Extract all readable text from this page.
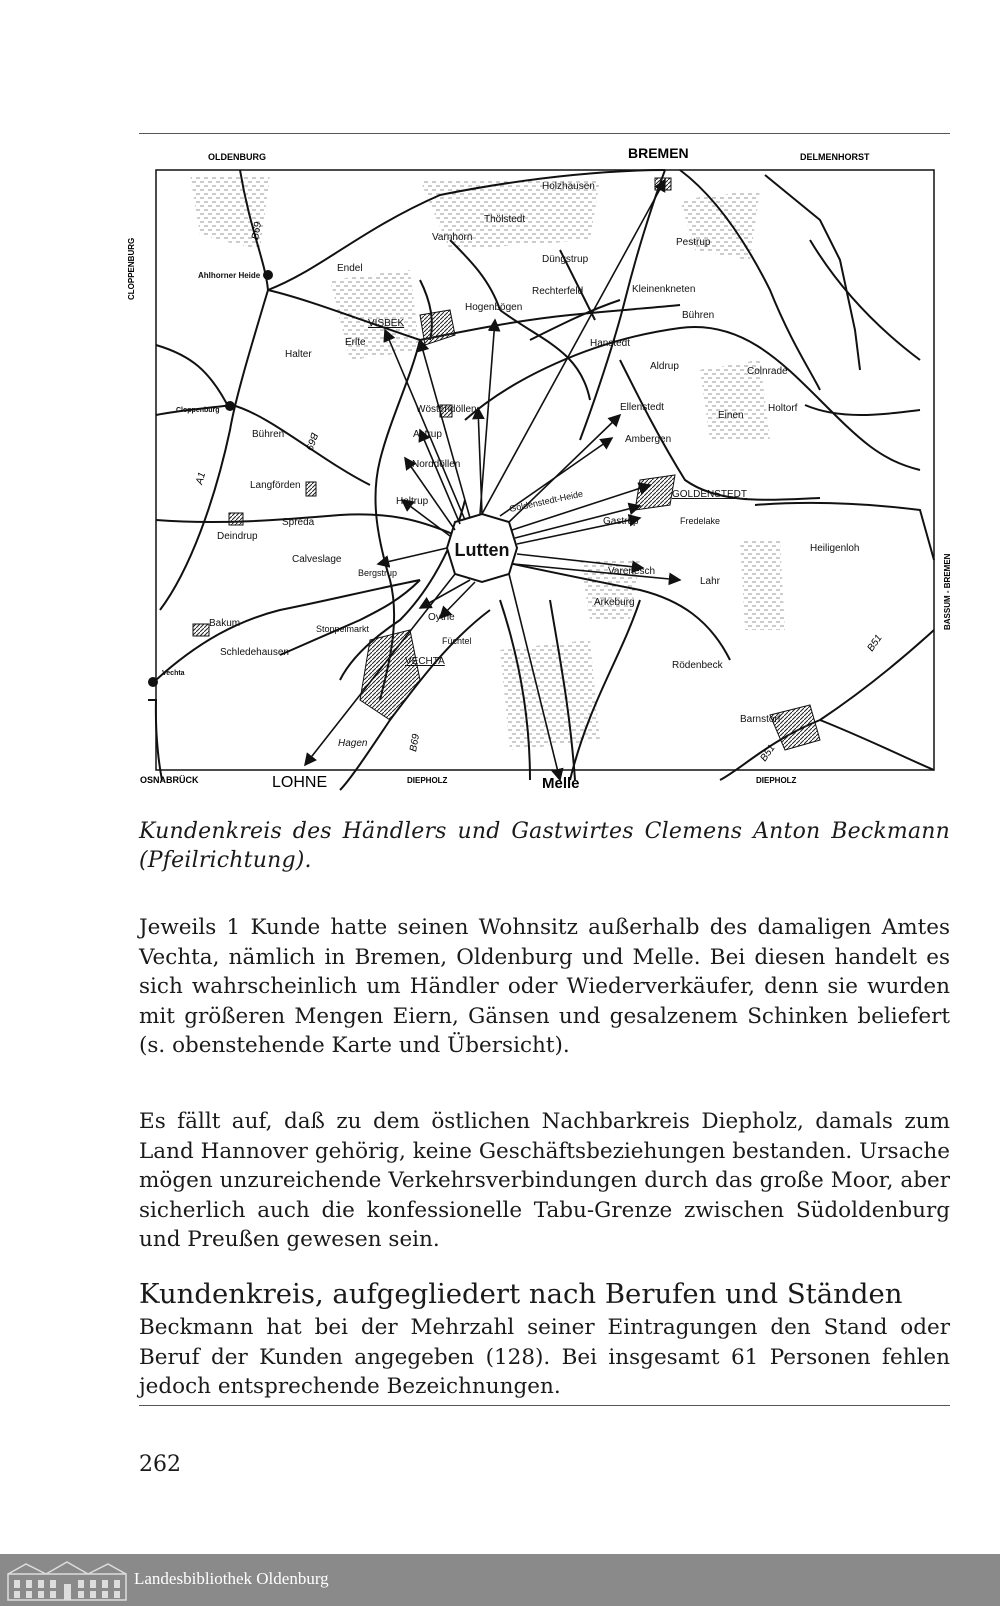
Lutten
OLDENBURG	BREMEN	DELMENHORST
CLOPPENBURG
BASSUM - BREMEN
OSNABRÜCK	LOHNE	DIEPHOLZ	Melle	DIEPHOLZ
B69
B69
B69
A1
B51
B51
Holzhausen
Thölstedt
Varnhorn
Endel
Düngstrup
Pestrup
Ahlhorner Heide
Rechterfeld	Kleinenkneten
Hogenbögen
VISBEK
Bühren
Erlte
Halter
Hanstedt
Aldrup	Colnrade
Wöstendöllen	Ellenstedt	Holtorf
Einen
Cloppenburg
Bühren	Astrup	Ambergen
Norddöllen
Langförden
Holtrup	Goldenstedt-Heide	GOLDENSTEDT
Spreda
Deindrup
Gastrup	Fredelake
Heiligenloh
Calveslage
Bergstrup	Varenesch
Lahr
Bakum
Arkeburg
Oythe
Stoppelmarkt
Füchtel
Schledehausen
VECHTA
Vechta
Rödenbeck
Barnstorf
Hagen
Kundenkreis des Händlers und Gastwirtes Clemens Anton Beckmann (Pfeilrichtung).

Jeweils 1 Kunde hatte seinen Wohnsitz außerhalb des damaligen Amtes Vechta, nämlich in Bremen, Oldenburg und Melle. Bei diesen handelt es sich wahrscheinlich um Händler oder Wiederverkäufer, denn sie wurden mit größeren Mengen Eiern, Gänsen und gesalzenem Schinken beliefert (s. obenstehende Karte und Übersicht).

Es fällt auf, daß zu dem östlichen Nachbarkreis Diepholz, damals zum Land Hannover gehörig, keine Geschäftsbeziehungen bestanden. Ursache mögen unzureichende Verkehrsverbindungen durch das große Moor, aber sicherlich auch die konfessionelle Tabu-Grenze zwischen Südoldenburg und Preußen gewesen sein.

Kundenkreis, aufgegliedert nach Berufen und Ständen

Beckmann hat bei der Mehrzahl seiner Eintragungen den Stand oder Beruf der Kunden angegeben (128). Bei insgesamt 61 Personen fehlen jedoch entsprechende Bezeichnungen.

262
Landesbibliothek Oldenburg
